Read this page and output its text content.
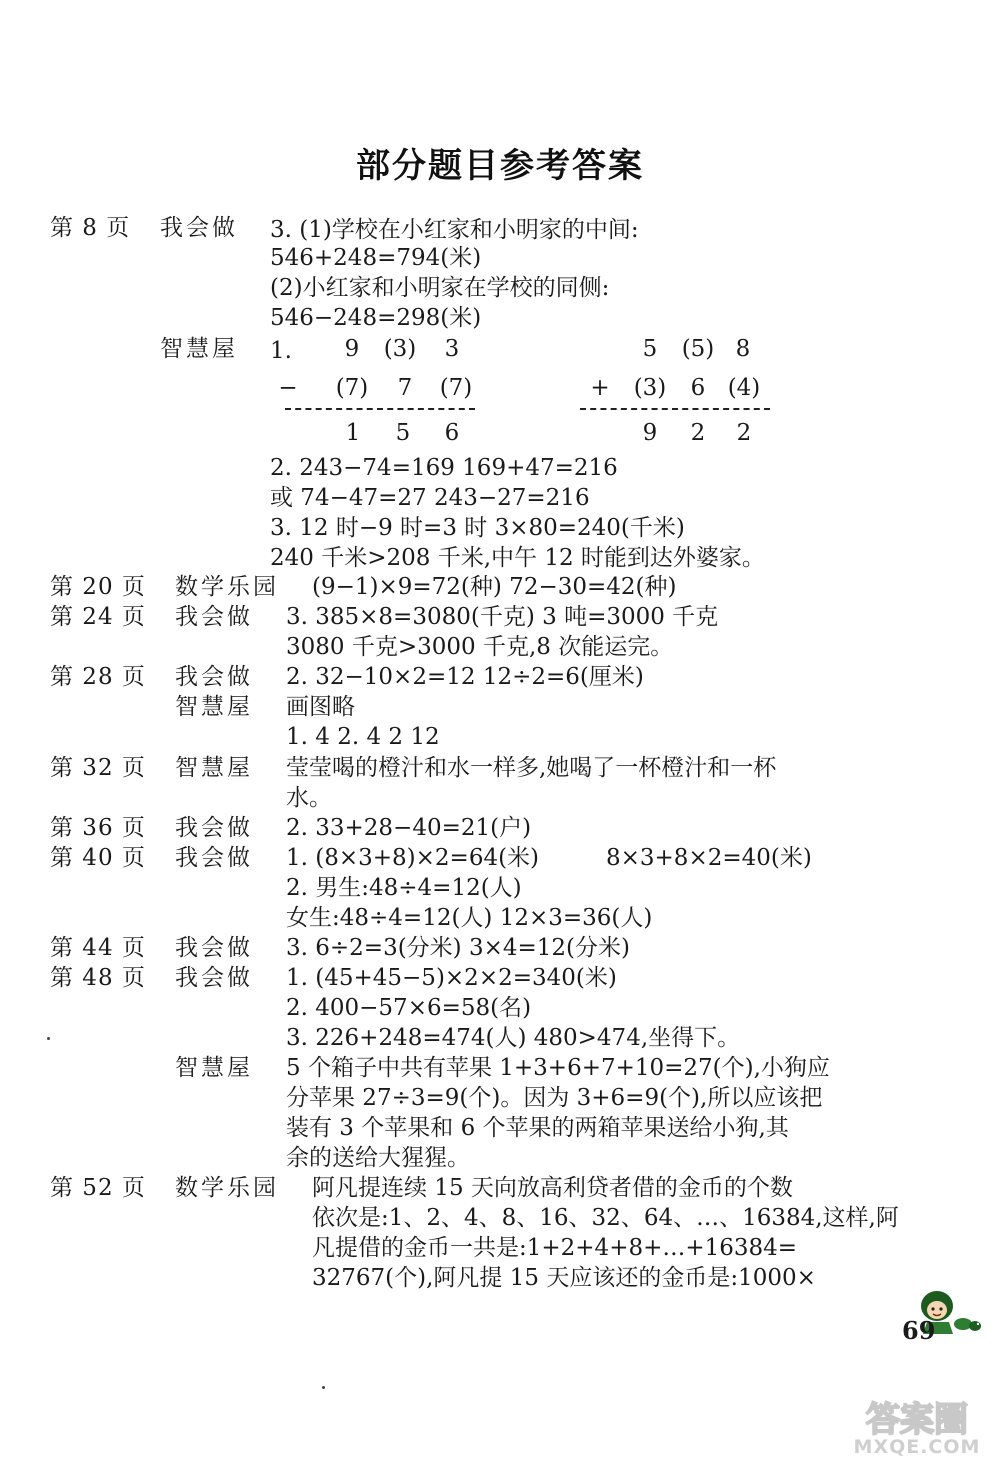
部分题目参考答案
第 8 页 我会做 3. (1)学校在小红家和小明家的中间:
546+248=794(米)
(2)小红家和小明家在学校的同侧:
546−248=298(米)
智慧屋 1.	9	(3)	3
−	(7)	7	(7)
1	5	6
5	(5) 8
+	(3)	6 (4)
9	2	2
2. 243−74=169 169+47=216
或 74−47=27 243−27=216
3. 12 时−9 时=3 时 3×80=240(千米)
240 千米>208 千米,中午 12 时能到达外婆家。
第 20 页 数学乐园 (9−1)×9=72(种) 72−30=42(种)
第 24 页 我会做 3. 385×8=3080(千克) 3 吨=3000 千克
3080 千克>3000 千克,8 次能运完。
第 28 页 我会做 2. 32−10×2=12 12÷2=6(厘米)
智慧屋 画图略
1. 4 2. 4 2 12
第 32 页 智慧屋 莹莹喝的橙汁和水一样多,她喝了一杯橙汁和一杯
水。
第 36 页 我会做 2. 33+28−40=21(户)
第 40 页 我会做 1. (8×3+8)×2=64(米)	8×3+8×2=40(米)
2. 男生:48÷4=12(人)
女生:48÷4=12(人) 12×3=36(人)
第 44 页 我会做 3. 6÷2=3(分米) 3×4=12(分米)
第 48 页 我会做 1. (45+45−5)×2×2=340(米)
2. 400−57×6=58(名)
3. 226+248=474(人) 480>474,坐得下。
智慧屋 5 个箱子中共有苹果 1+3+6+7+10=27(个),小狗应
分苹果 27÷3=9(个)。因为 3+6=9(个),所以应该把
装有 3 个苹果和 6 个苹果的两箱苹果送给小狗,其
余的送给大猩猩。
第 52 页 数学乐园 阿凡提连续 15 天向放高利贷者借的金币的个数
依次是:1、2、4、8、16、32、64、…、16384,这样,阿
凡提借的金币一共是:1+2+4+8+…+16384=
32767(个),阿凡提 15 天应该还的金币是:1000×
69
答案圈
MXQE.COM
